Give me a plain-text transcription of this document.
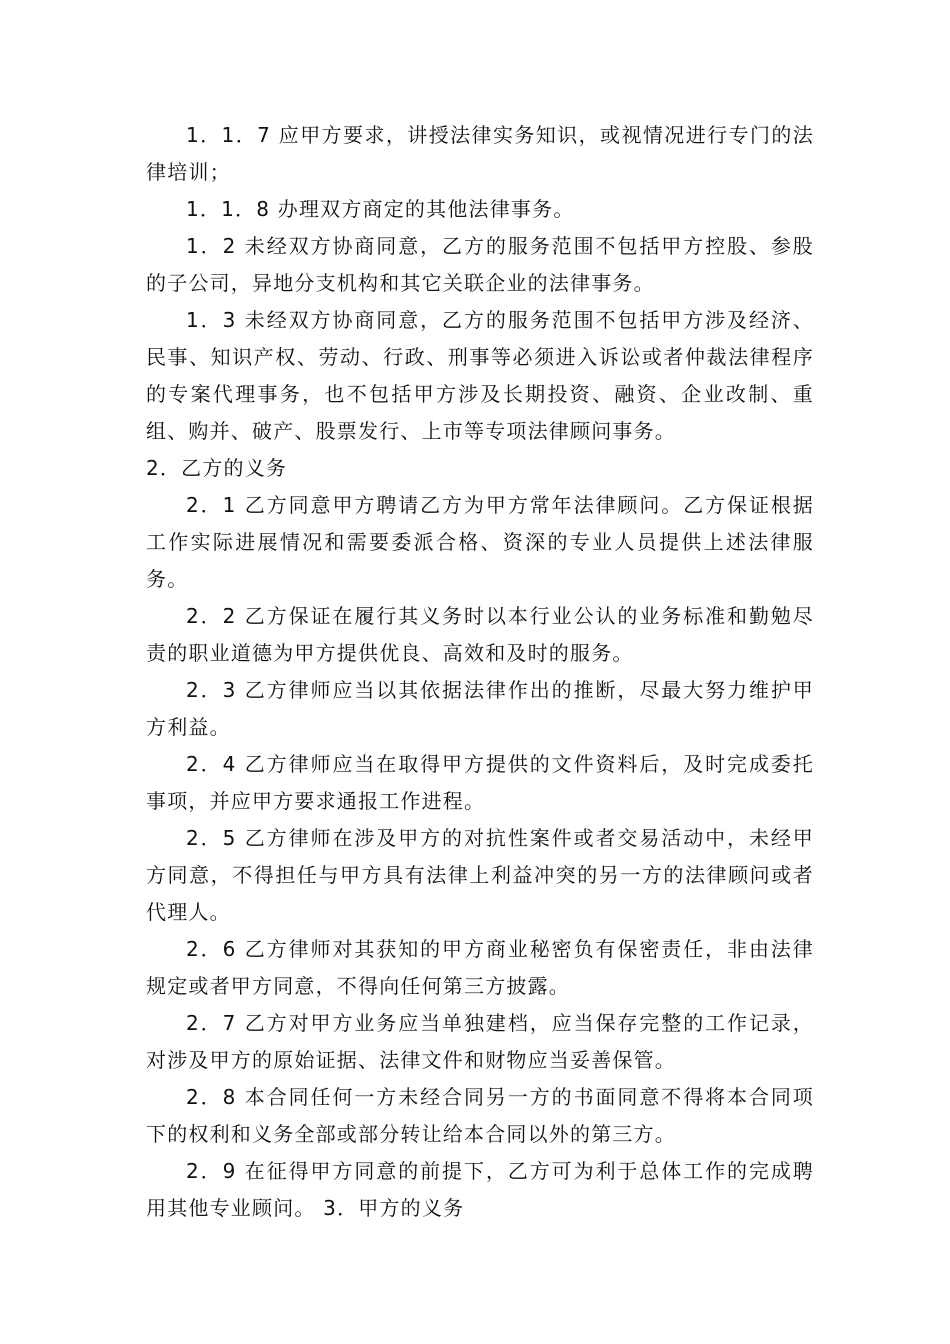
1．1．7 应甲方要求，讲授法律实务知识，或视情况进行专门的法律培训；

1．1．8 办理双方商定的其他法律事务。

1．2 未经双方协商同意，乙方的服务范围不包括甲方控股、参股的子公司，异地分支机构和其它关联企业的法律事务。

1．3 未经双方协商同意，乙方的服务范围不包括甲方涉及经济、民事、知识产权、劳动、行政、刑事等必须进入诉讼或者仲裁法律程序的专案代理事务，也不包括甲方涉及长期投资、融资、企业改制、重组、购并、破产、股票发行、上市等专项法律顾问事务。

2．乙方的义务

2．1 乙方同意甲方聘请乙方为甲方常年法律顾问。乙方保证根据工作实际进展情况和需要委派合格、资深的专业人员提供上述法律服务。

2．2 乙方保证在履行其义务时以本行业公认的业务标准和勤勉尽责的职业道德为甲方提供优良、高效和及时的服务。

2．3 乙方律师应当以其依据法律作出的推断，尽最大努力维护甲方利益。

2．4 乙方律师应当在取得甲方提供的文件资料后，及时完成委托事项，并应甲方要求通报工作进程。

2．5 乙方律师在涉及甲方的对抗性案件或者交易活动中，未经甲方同意，不得担任与甲方具有法律上利益冲突的另一方的法律顾问或者代理人。

2．6 乙方律师对其获知的甲方商业秘密负有保密责任，非由法律规定或者甲方同意，不得向任何第三方披露。

2．7 乙方对甲方业务应当单独建档，应当保存完整的工作记录，对涉及甲方的原始证据、法律文件和财物应当妥善保管。

2．8 本合同任何一方未经合同另一方的书面同意不得将本合同项下的权利和义务全部或部分转让给本合同以外的第三方。

2．9 在征得甲方同意的前提下，乙方可为利于总体工作的完成聘用其他专业顾问。 3．甲方的义务
